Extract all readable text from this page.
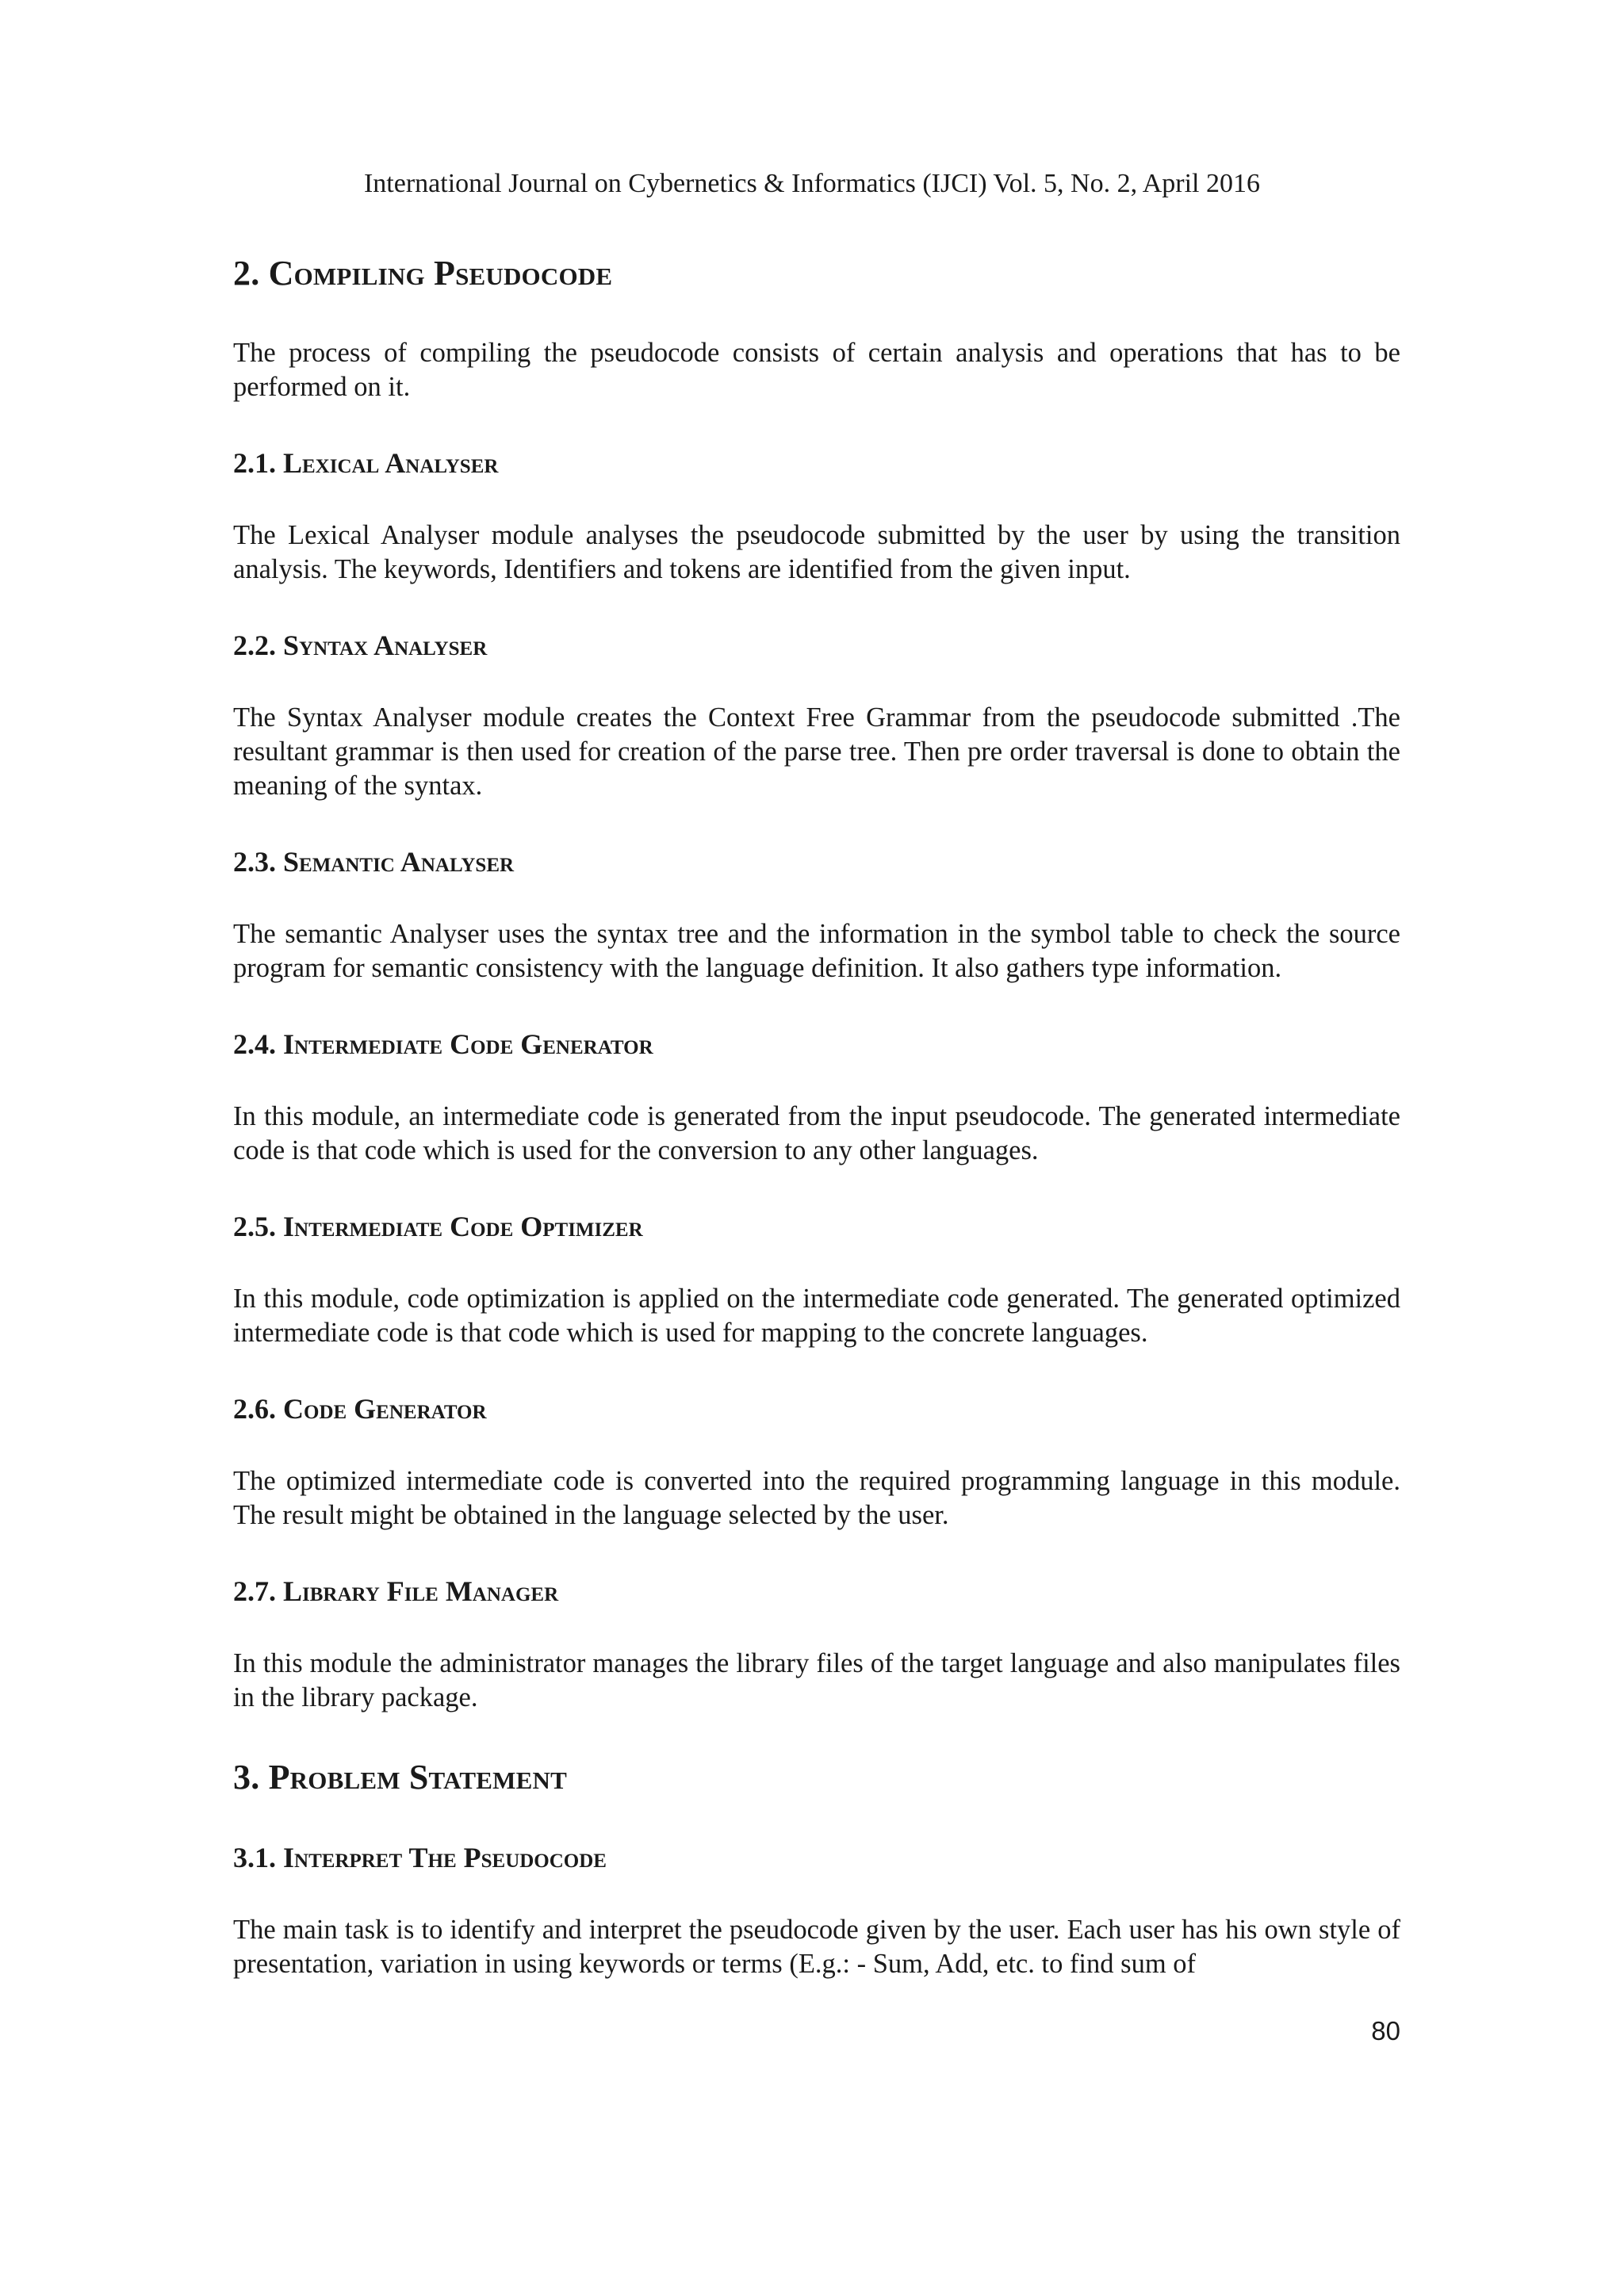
International Journal on Cybernetics & Informatics (IJCI) Vol. 5, No. 2, April 2016
2. Compiling Pseudocode

The process of compiling the pseudocode consists of certain analysis and operations that has to be performed on it.

2.1. Lexical Analyser

The Lexical Analyser module analyses the pseudocode submitted by the user by using the transition analysis. The keywords, Identifiers and tokens are identified from the given input.

2.2. Syntax Analyser

The Syntax Analyser module creates the Context Free Grammar from the pseudocode submitted .The resultant grammar is then used for creation of the parse tree. Then pre order traversal is done to obtain the meaning of the syntax.

2.3. Semantic Analyser

The semantic Analyser uses the syntax tree and the information in the symbol table to check the source program for semantic consistency with the language definition. It also gathers type information.

2.4. Intermediate Code Generator

In this module, an intermediate code is generated from the input pseudocode. The generated intermediate code is that code which is used for the conversion to any other languages.

2.5. Intermediate Code Optimizer

In this module, code optimization is applied on the intermediate code generated. The generated optimized intermediate code is that code which is used for mapping to the concrete languages.

2.6. Code Generator

The optimized intermediate code is converted into the required programming language in this module. The result might be obtained in the language selected by the user.

2.7. Library File Manager

In this module the administrator manages the library files of the target language and also manipulates files in the library package.

3. Problem Statement
3.1. Interpret The Pseudocode

The main task is to identify and interpret the pseudocode given by the user. Each user has his own style of presentation, variation in using keywords or terms (E.g.: - Sum, Add, etc. to find sum of

80
